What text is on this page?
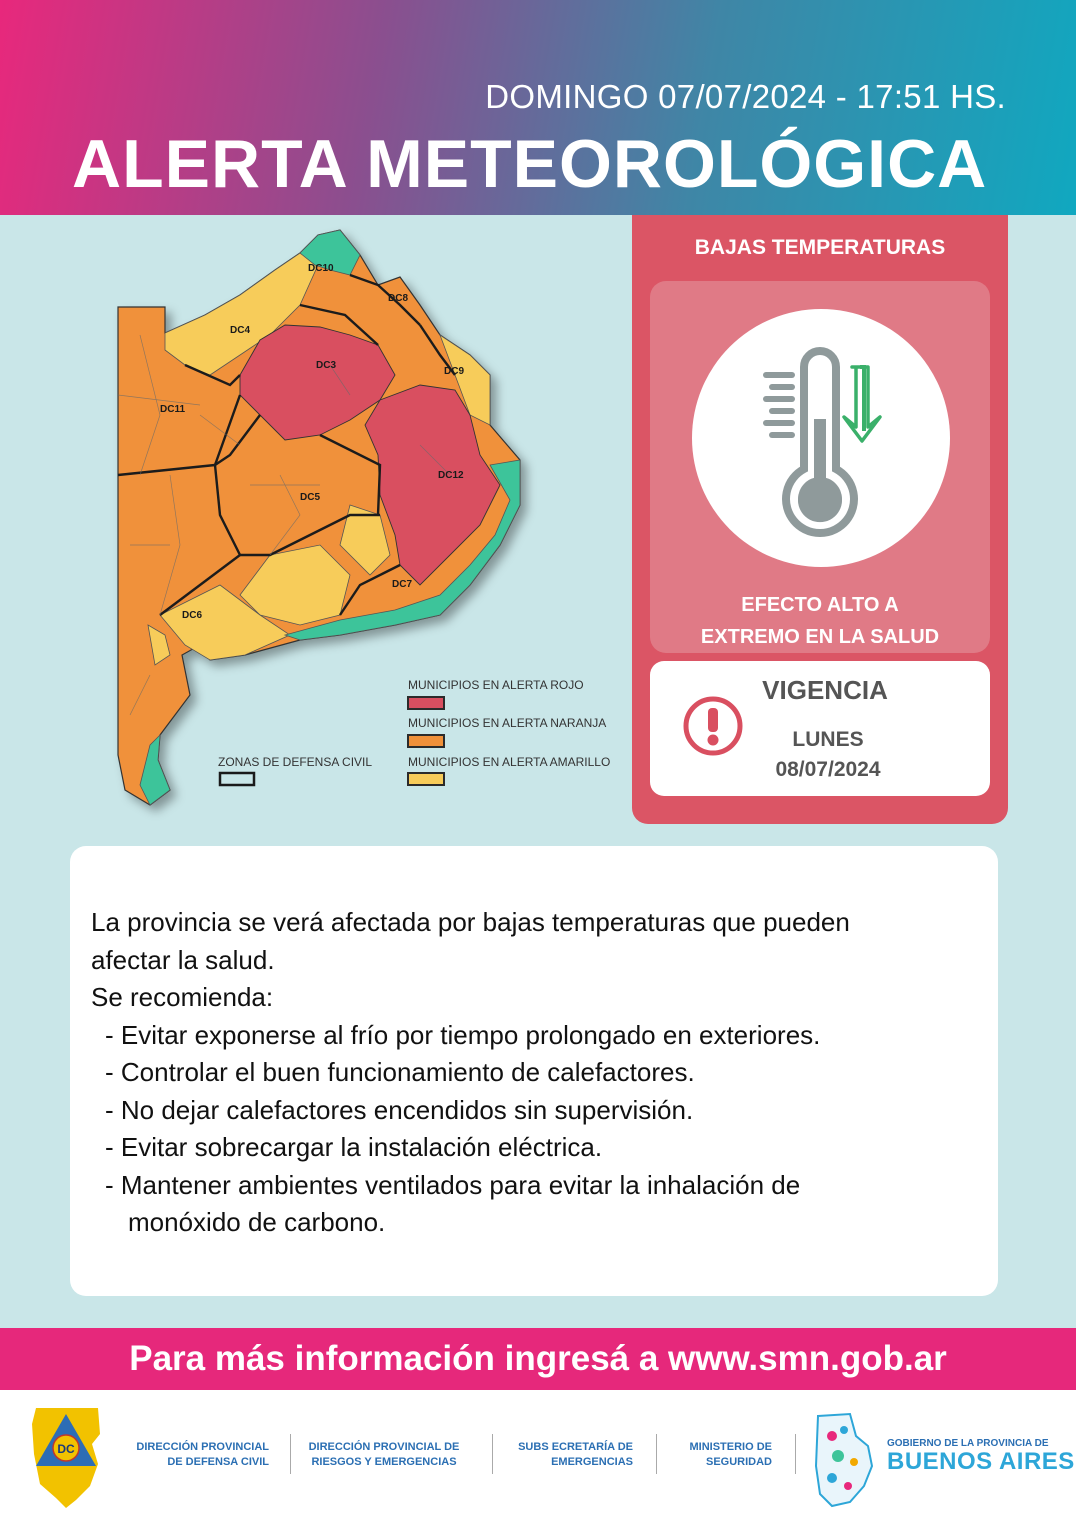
DOMINGO 07/07/2024 - 17:51 HS.
ALERTA METEOROLÓGICA
DC10
DC8
DC4
DC3
DC9
DC11
DC12
DC5
DC7
DC6
MUNICIPIOS EN ALERTA ROJO
MUNICIPIOS EN ALERTA NARANJA
MUNICIPIOS EN ALERTA AMARILLO
ZONAS DE DEFENSA CIVIL
BAJAS TEMPERATURAS
EFECTO ALTO A
EXTREMO EN LA SALUD
VIGENCIA
LUNES
08/07/2024
La provincia se verá afectada por bajas temperaturas que pueden
afectar la salud.
Se recomienda:
- Evitar exponerse al frío por tiempo prolongado en exteriores.
- Controlar el buen funcionamiento de calefactores.
- No dejar calefactores encendidos sin supervisión.
- Evitar sobrecargar la instalación eléctrica.
- Mantener ambientes ventilados para evitar la inhalación de
monóxido de carbono.
Para más información ingresá a www.smn.gob.ar
DC	DIRECCIÓN PROVINCIAL
DE DEFENSA CIVIL
DIRECCIÓN PROVINCIAL DE
RIESGOS Y EMERGENCIAS
SUBS ECRETARÍA DE
EMERGENCIAS
MINISTERIO DE
SEGURIDAD
GOBIERNO DE LA PROVINCIA DE
BUENOS AIRES
